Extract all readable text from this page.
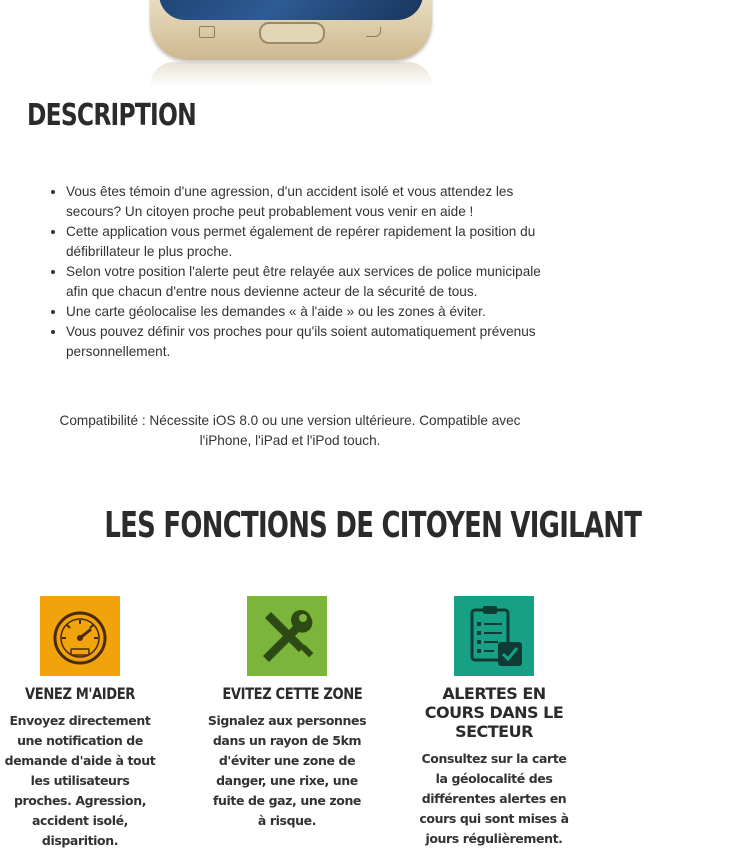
DESCRIPTION
• Vous êtes témoin d'une agression, d'un accident isolé et vous attendez les secours? Un citoyen proche peut probablement vous venir en aide !
• Cette application vous permet également de repérer rapidement la position du défibrillateur le plus proche.
• Selon votre position l'alerte peut être relayée aux services de police municipale afin que chacun d'entre nous devienne acteur de la sécurité de tous.
• Une carte géolocalise les demandes « à l'aide » ou les zones à éviter.
• Vous pouvez définir vos proches pour qu'ils soient automatiquement prévenus personnellement.

Compatibilité : Nécessite iOS 8.0 ou une version ultérieure. Compatible avec l'iPhone, l'iPad et l'iPod touch.

LES FONCTIONS DE CITOYEN VIGILANT
VENEZ M'AIDER

Envoyez directement une notification de demande d'aide à tout les utilisateurs proches. Agression, accident isolé, disparition.

EVITEZ CETTE ZONE

Signalez aux personnes dans un rayon de 5km d'éviter une zone de danger, une rixe, une fuite de gaz, une zone à risque.

ALERTES EN COURS DANS LE SECTEUR

Consultez sur la carte la géolocalité des différentes alertes en cours qui sont mises à jours régulièrement.
